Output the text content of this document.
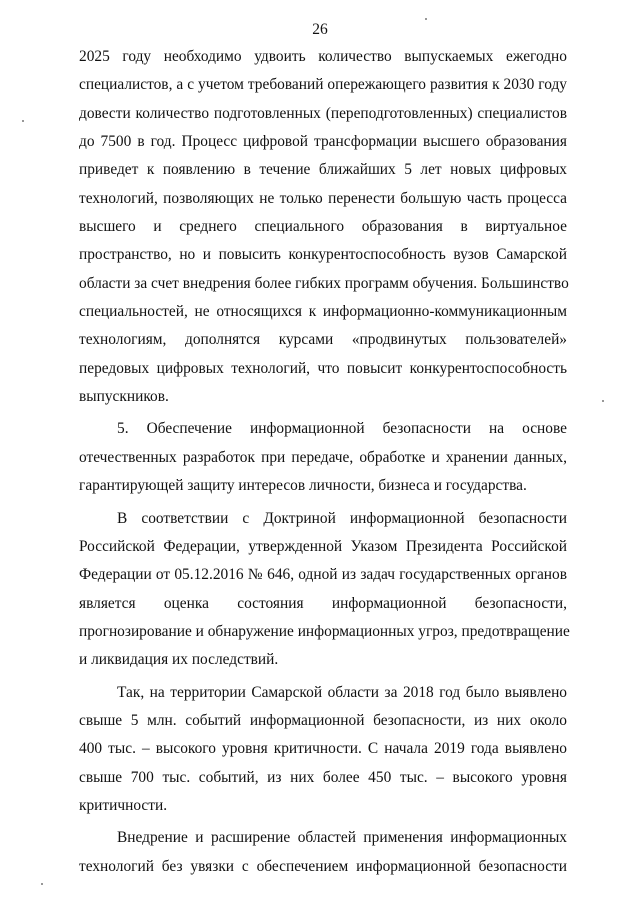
26

2025 году необходимо удвоить количество выпускаемых ежегодно
специалистов, а с учетом требований опережающего развития к 2030 году
довести количество подготовленных (переподготовленных) специалистов
до 7500 в год. Процесс цифровой трансформации высшего образования
приведет к появлению в течение ближайших 5 лет новых цифровых
технологий, позволяющих не только перенести большую часть процесса
высшего и среднего специального образования в виртуальное
пространство, но и повысить конкурентоспособность вузов Самарской
области за счет внедрения более гибких программ обучения. Большинство
специальностей, не относящихся к информационно-коммуникационным
технологиям, дополнятся курсами «продвинутых пользователей»
передовых цифровых технологий, что повысит конкурентоспособность
выпускников.

5. Обеспечение информационной безопасности на основе
отечественных разработок при передаче, обработке и хранении данных,
гарантирующей защиту интересов личности, бизнеса и государства.

В соответствии с Доктриной информационной безопасности
Российской Федерации, утвержденной Указом Президента Российской
Федерации от 05.12.2016 № 646, одной из задач государственных органов
является оценка состояния информационной безопасности,
прогнозирование и обнаружение информационных угроз, предотвращение
и ликвидация их последствий.

Так, на территории Самарской области за 2018 год было выявлено
свыше 5 млн. событий информационной безопасности, из них около
400 тыс. – высокого уровня критичности. С начала 2019 года выявлено
свыше 700 тыс. событий, из них более 450 тыс. – высокого уровня
критичности.

Внедрение и расширение областей применения информационных
технологий без увязки с обеспечением информационной безопасности
